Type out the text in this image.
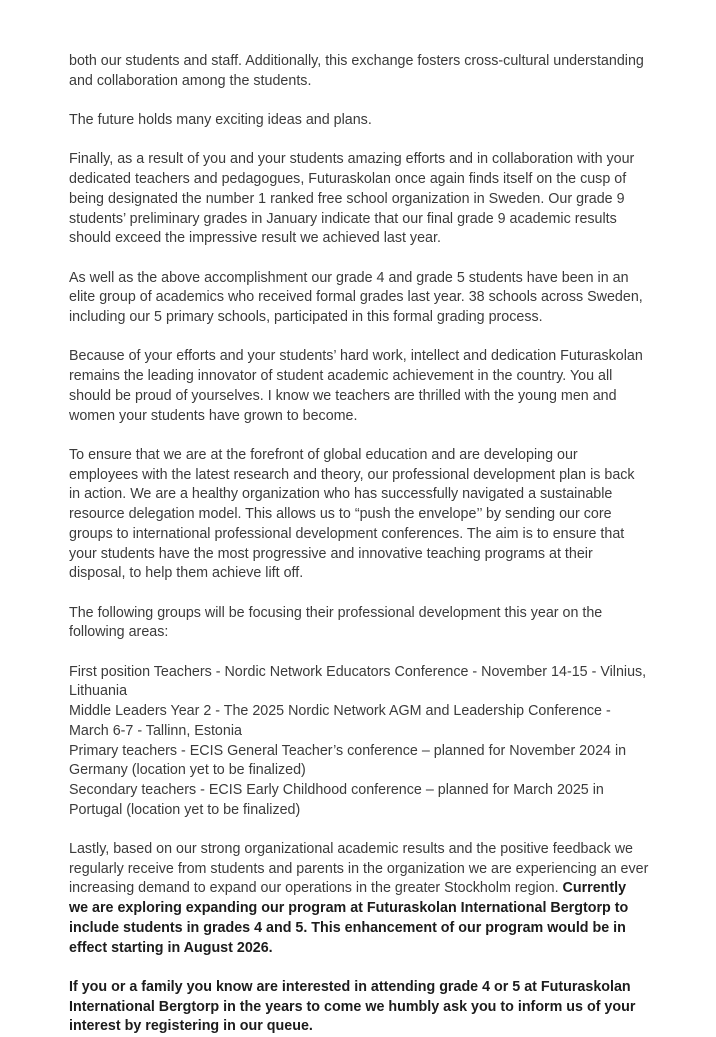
both our students and staff. Additionally, this exchange fosters cross-cultural understanding and collaboration among the students.

The future holds many exciting ideas and plans.

Finally, as a result of you and your students amazing efforts and in collaboration with your dedicated teachers and pedagogues, Futuraskolan once again finds itself on the cusp of being designated the number 1 ranked free school organization in Sweden. Our grade 9 students’ preliminary grades in January indicate that our final grade 9 academic results should exceed the impressive result we achieved last year.

As well as the above accomplishment our grade 4 and grade 5 students have been in an elite group of academics who received formal grades last year. 38 schools across Sweden, including our 5 primary schools, participated in this formal grading process.

Because of your efforts and your students’ hard work, intellect and dedication Futuraskolan remains the leading innovator of student academic achievement in the country. You all should be proud of yourselves. I know we teachers are thrilled with the young men and women your students have grown to become.

To ensure that we are at the forefront of global education and are developing our employees with the latest research and theory, our professional development plan is back in action. We are a healthy organization who has successfully navigated a sustainable resource delegation model. This allows us to “push the envelope’’ by sending our core groups to international professional development conferences. The aim is to ensure that your students have the most progressive and innovative teaching programs at their disposal, to help them achieve lift off.

The following groups will be focusing their professional development this year on the following areas:

First position Teachers - Nordic Network Educators Conference - November 14-15 - Vilnius, Lithuania

Middle Leaders Year 2 - The 2025 Nordic Network AGM and Leadership Conference - March 6-7 - Tallinn, Estonia

Primary teachers - ECIS General Teacher’s conference – planned for November 2024 in Germany (location yet to be finalized)

Secondary teachers - ECIS Early Childhood conference – planned for March 2025 in Portugal (location yet to be finalized)

Lastly, based on our strong organizational academic results and the positive feedback we regularly receive from students and parents in the organization we are experiencing an ever increasing demand to expand our operations in the greater Stockholm region. Currently we are exploring expanding our program at Futuraskolan International Bergtorp to include students in grades 4 and 5. This enhancement of our program would be in effect starting in August 2026.

If you or a family you know are interested in attending grade 4 or 5 at Futuraskolan International Bergtorp in the years to come we humbly ask you to inform us of your interest by registering in our queue.
